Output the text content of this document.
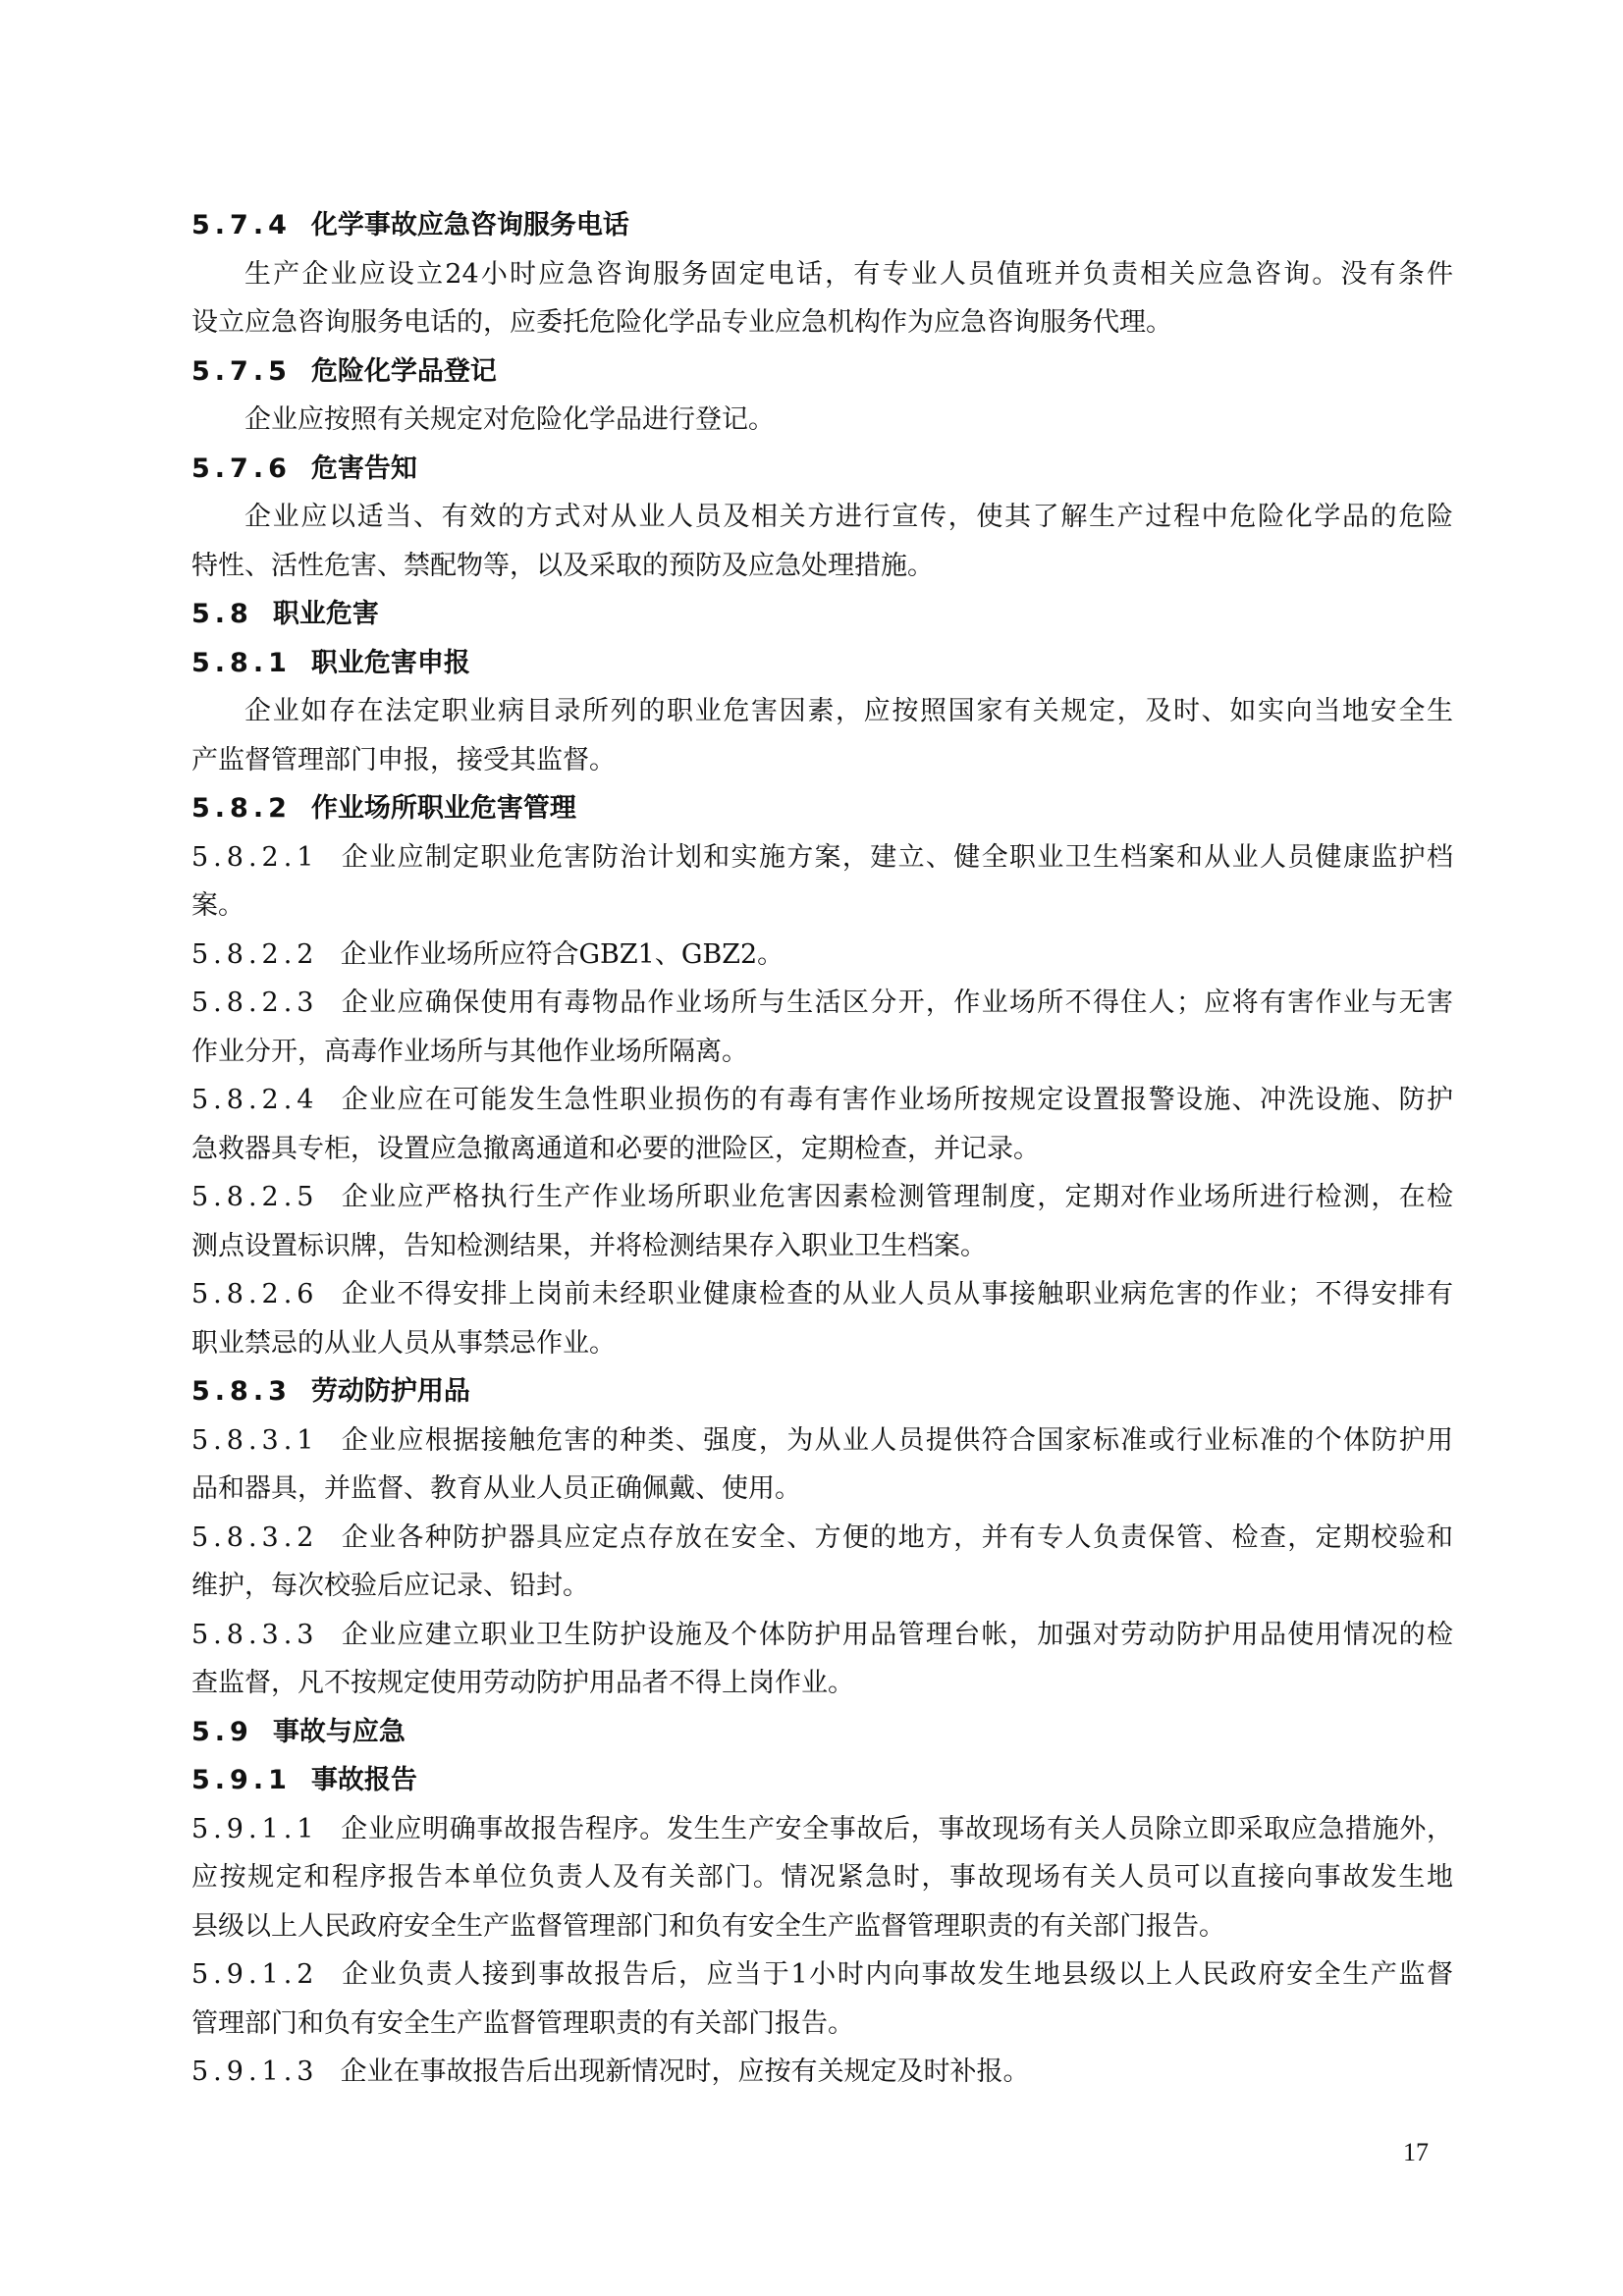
5.7.4 化学事故应急咨询服务电话

生产企业应设立24小时应急咨询服务固定电话，有专业人员值班并负责相关应急咨询。没有条件

设立应急咨询服务电话的，应委托危险化学品专业应急机构作为应急咨询服务代理。

5.7.5 危险化学品登记

企业应按照有关规定对危险化学品进行登记。

5.7.6 危害告知

企业应以适当、有效的方式对从业人员及相关方进行宣传，使其了解生产过程中危险化学品的危险

特性、活性危害、禁配物等，以及采取的预防及应急处理措施。

5.8 职业危害

5.8.1 职业危害申报

企业如存在法定职业病目录所列的职业危害因素，应按照国家有关规定，及时、如实向当地安全生

产监督管理部门申报，接受其监督。

5.8.2 作业场所职业危害管理

5.8.2.1 企业应制定职业危害防治计划和实施方案，建立、健全职业卫生档案和从业人员健康监护档

案。

5.8.2.2 企业作业场所应符合GBZ1、GBZ2。

5.8.2.3 企业应确保使用有毒物品作业场所与生活区分开，作业场所不得住人；应将有害作业与无害

作业分开，高毒作业场所与其他作业场所隔离。

5.8.2.4 企业应在可能发生急性职业损伤的有毒有害作业场所按规定设置报警设施、冲洗设施、防护

急救器具专柜，设置应急撤离通道和必要的泄险区，定期检查，并记录。

5.8.2.5 企业应严格执行生产作业场所职业危害因素检测管理制度，定期对作业场所进行检测，在检

测点设置标识牌，告知检测结果，并将检测结果存入职业卫生档案。

5.8.2.6 企业不得安排上岗前未经职业健康检查的从业人员从事接触职业病危害的作业；不得安排有

职业禁忌的从业人员从事禁忌作业。

5.8.3 劳动防护用品

5.8.3.1 企业应根据接触危害的种类、强度，为从业人员提供符合国家标准或行业标准的个体防护用

品和器具，并监督、教育从业人员正确佩戴、使用。

5.8.3.2 企业各种防护器具应定点存放在安全、方便的地方，并有专人负责保管、检查，定期校验和

维护，每次校验后应记录、铅封。

5.8.3.3 企业应建立职业卫生防护设施及个体防护用品管理台帐，加强对劳动防护用品使用情况的检

查监督，凡不按规定使用劳动防护用品者不得上岗作业。

5.9 事故与应急

5.9.1 事故报告

5.9.1.1 企业应明确事故报告程序。发生生产安全事故后，事故现场有关人员除立即采取应急措施外，

应按规定和程序报告本单位负责人及有关部门。情况紧急时，事故现场有关人员可以直接向事故发生地

县级以上人民政府安全生产监督管理部门和负有安全生产监督管理职责的有关部门报告。

5.9.1.2 企业负责人接到事故报告后，应当于1小时内向事故发生地县级以上人民政府安全生产监督

管理部门和负有安全生产监督管理职责的有关部门报告。

5.9.1.3 企业在事故报告后出现新情况时，应按有关规定及时补报。

17
